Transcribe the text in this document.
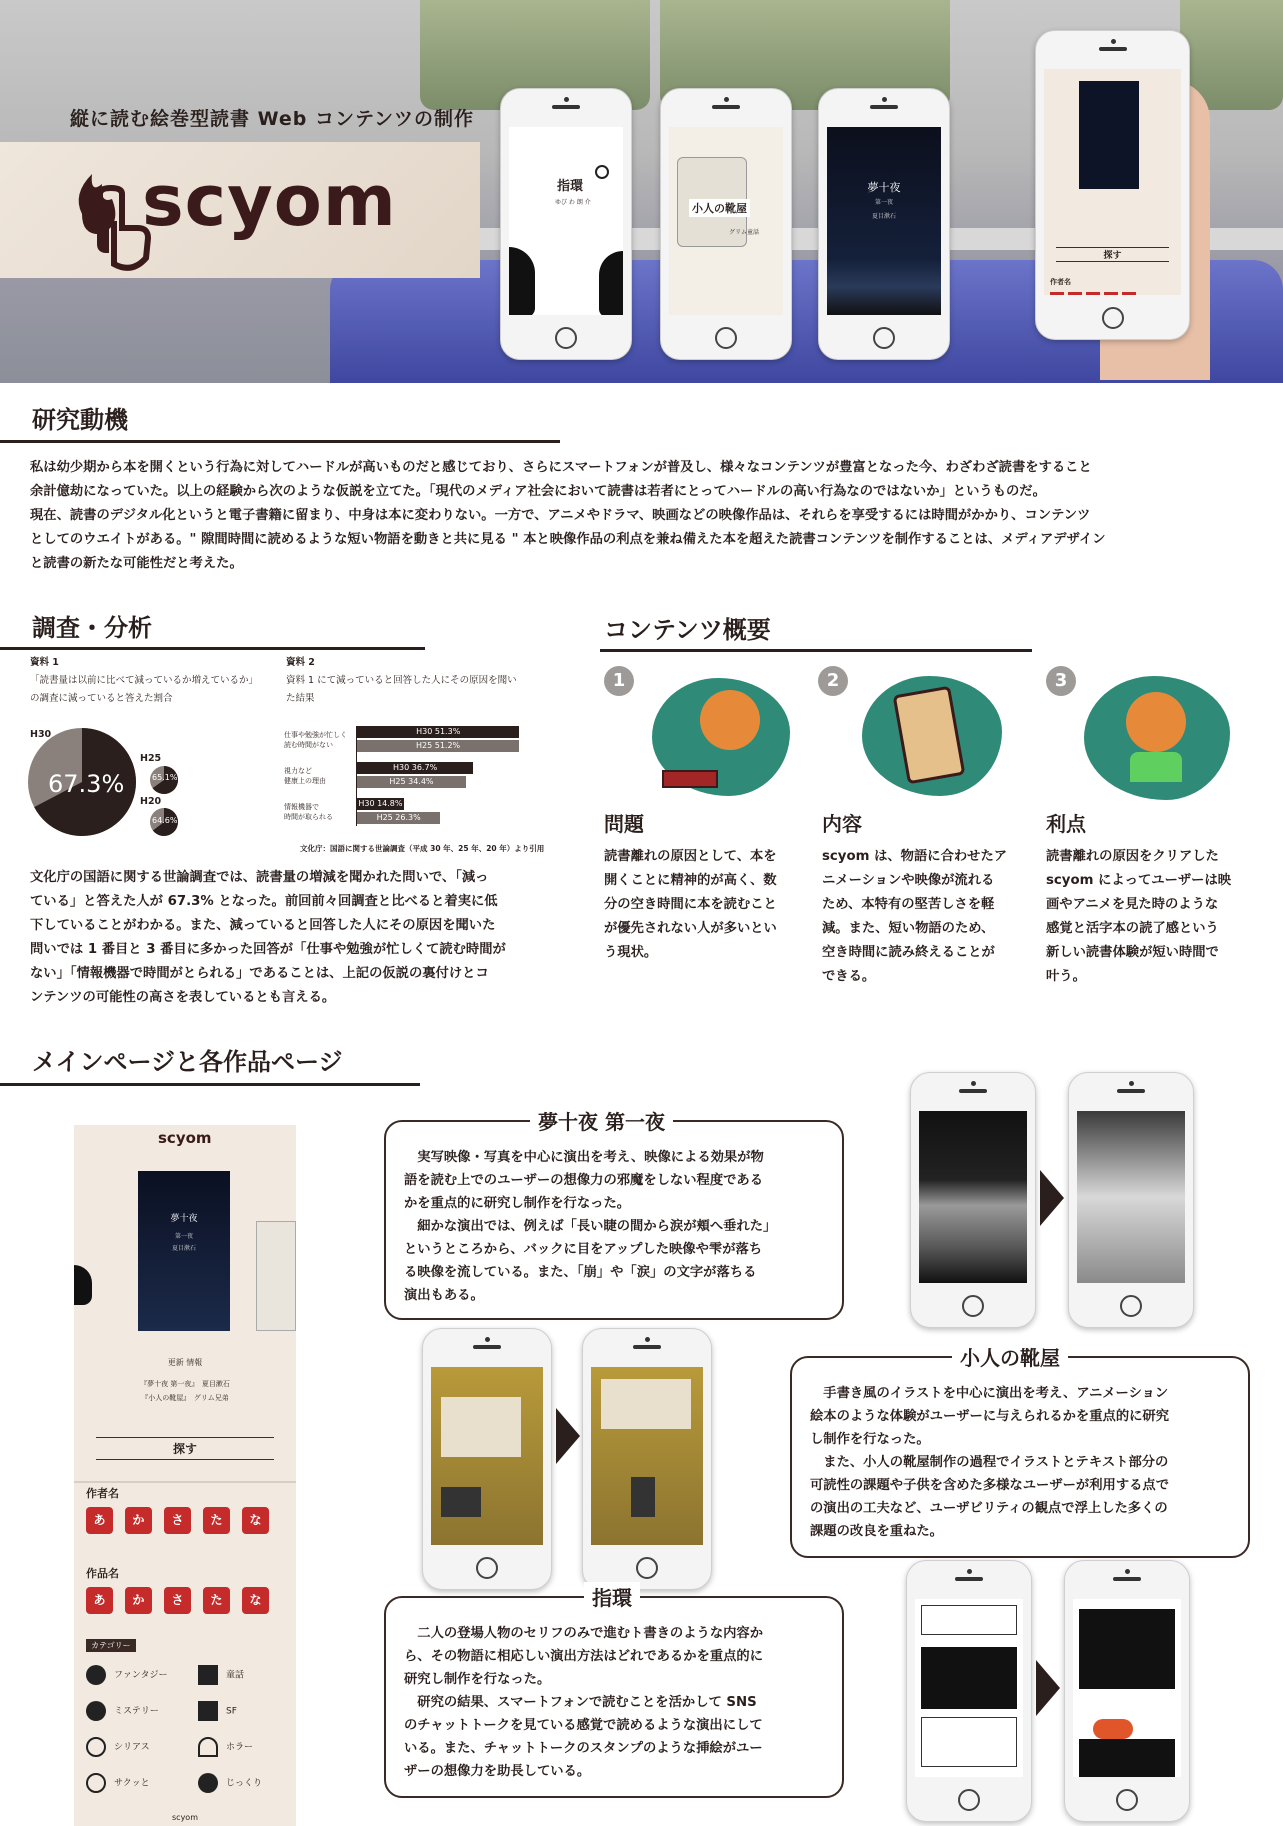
指環
ゆび わ 朗 介	小人の靴屋
グリム童話
夢十夜
第一夜
夏目漱石
探す
作者名
縦に読む絵巻型読書 Web コンテンツの制作
scyom
研究動機
私は幼少期から本を開くという行為に対してハードルが高いものだと感じており、さらにスマートフォンが普及し、様々なコンテンツが豊富となった今、わざわざ読書をすること
余計億劫になっていた。以上の経験から次のような仮説を立てた。「現代のメディア社会において読書は若者にとってハードルの高い行為なのではないか」というものだ。
現在、読書のデジタル化というと電子書籍に留まり、中身は本に変わりない。一方で、アニメやドラマ、映画などの映像作品は、それらを享受するには時間がかかり、コンテンツ
としてのウエイトがある。" 隙間時間に読めるような短い物語を動きと共に見る " 本と映像作品の利点を兼ね備えた本を超えた読書コンテンツを制作することは、メディアデザイン
と読書の新たな可能性だと考えた。
調査・分析
資料 1
「読書量は以前に比べて減っているか増えているか」
の調査に減っていると答えた割合
資料 2
資料 1 にて減っていると回答した人にその原因を聞い
た結果
H30
67.3%
H25
65.1%
H20
64.6%
仕事や勉強が忙しく
読む時間がない
視力など
健康上の理由
情報機器で
時間が取られる
H30 51.3%
H25 51.2%
H30 36.7%
H25 34.4%
H30 14.8%
H25 26.3%
文化庁：国語に関する世論調査（平成 30 年、25 年、20 年）より引用
文化庁の国語に関する世論調査では、読書量の増減を聞かれた問いで、「減っ
ている」と答えた人が 67.3% となった。前回前々回調査と比べると着実に低
下していることがわかる。また、減っていると回答した人にその原因を聞いた
問いでは 1 番目と 3 番目に多かった回答が「仕事や勉強が忙しくて読む時間が
ない」「情報機器で時間がとられる」であることは、上記の仮説の裏付けとコ
ンテンツの可能性の高さを表しているとも言える。
コンテンツ概要
1
問題
読書離れの原因として、本を
開くことに精神的が高く、数
分の空き時間に本を読むこと
が優先されない人が多いとい
う現状。
2
内容
scyom は、物語に合わせたア
ニメーションや映像が流れる
ため、本特有の堅苦しさを軽
減。また、短い物語のため、
空き時間に読み終えることが
できる。
3
利点
読書離れの原因をクリアした
scyom によってユーザーは映
画やアニメを見た時のような
感覚と活字本の読了感という
新しい読書体験が短い時間で
叶う。
メインページと各作品ページ
scyom
夢十夜
第一夜
夏目漱石
更新 情報
『夢十夜 第一夜』　夏目漱石
『小人の靴屋』　グリム兄弟
探す
作者名
あ か さ た な
作品名
あ か さ た な
カテゴリー
ファンタジー	童話
ミステリー	SF
シリアス	ホラー
サクッと	じっくり
scyom
夢十夜 第一夜
　実写映像・写真を中心に演出を考え、映像による効果が物
語を読む上でのユーザーの想像力の邪魔をしない程度である
かを重点的に研究し制作を行なった。
　細かな演出では、例えば「長い睫の間から涙が頬へ垂れた」
というところから、バックに目をアップした映像や雫が落ち
る映像を流している。また、「崩」や「涙」の文字が落ちる
演出もある。
小人の靴屋
　手書き風のイラストを中心に演出を考え、アニメーション
絵本のような体験がユーザーに与えられるかを重点的に研究
し制作を行なった。
　また、小人の靴屋制作の過程でイラストとテキスト部分の
可読性の課題や子供を含めた多様なユーザーが利用する点で
の演出の工夫など、ユーザビリティの観点で浮上した多くの
課題の改良を重ねた。
指環
　二人の登場人物のセリフのみで進むト書きのような内容か
ら、その物語に相応しい演出方法はどれであるかを重点的に
研究し制作を行なった。
　研究の結果、スマートフォンで読むことを活かして SNS
のチャットトークを見ている感覚で読めるような演出にして
いる。また、チャットトークのスタンプのような挿絵がユー
ザーの想像力を助長している。
